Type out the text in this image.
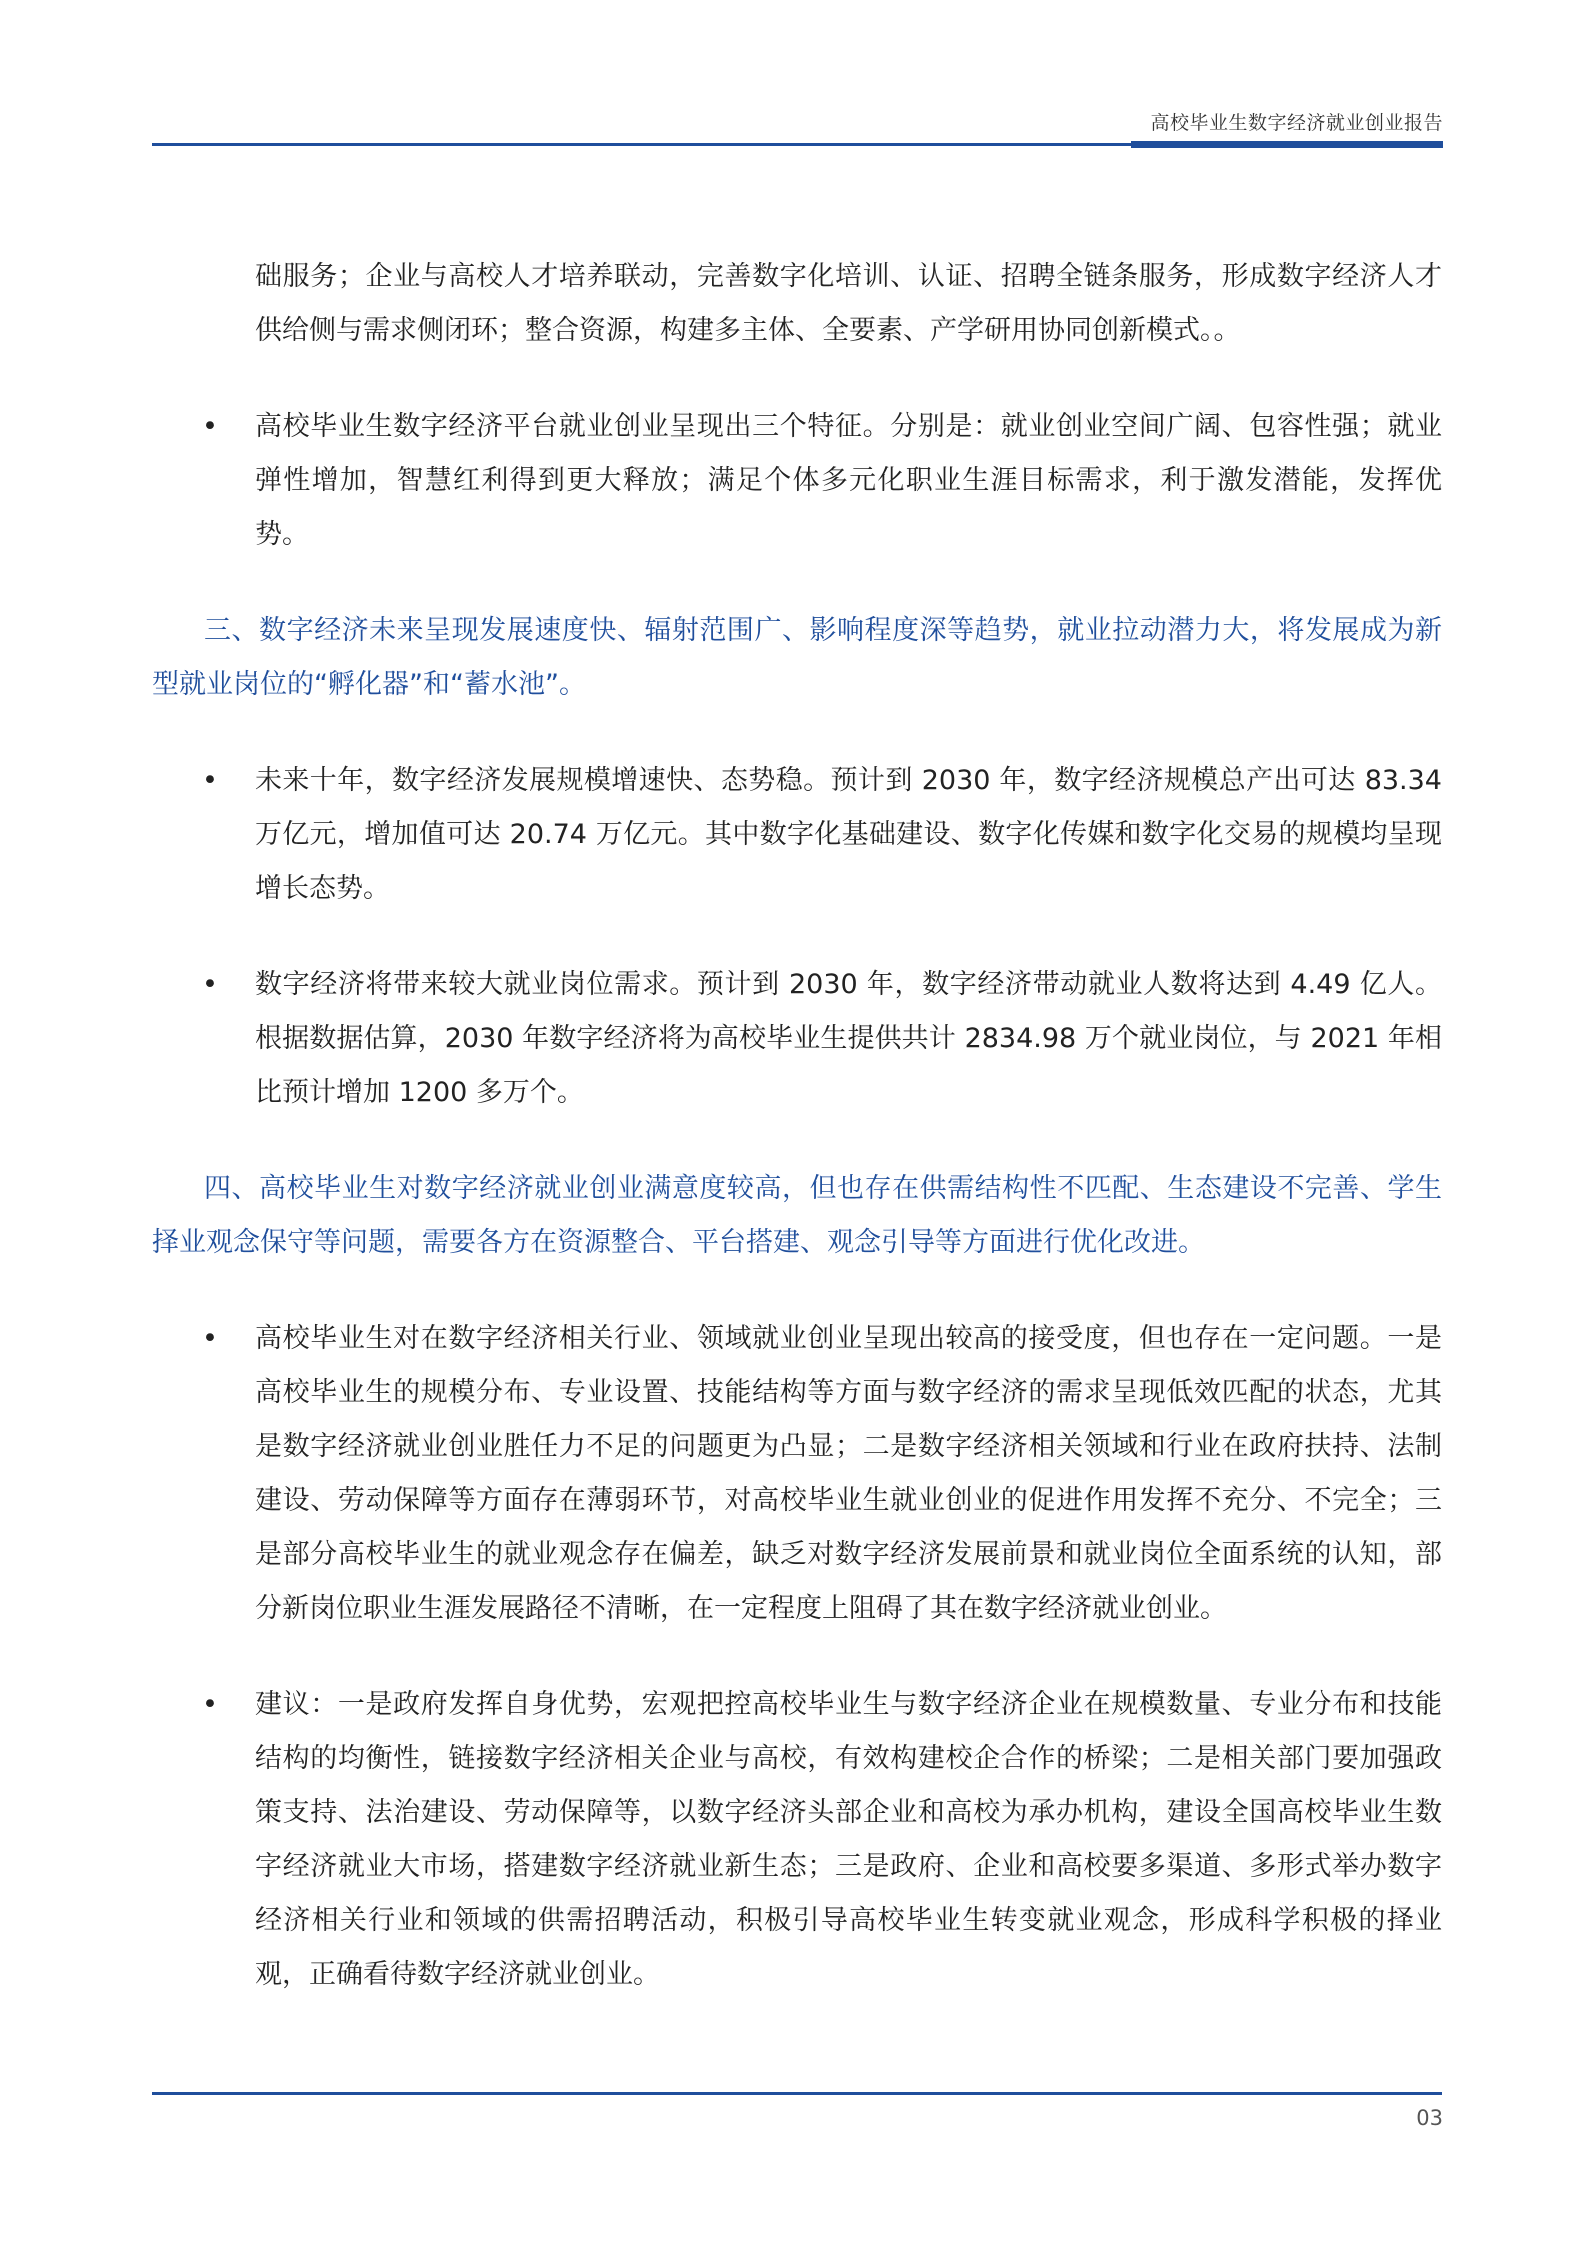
高校毕业生数字经济就业创业报告
础服务；企业与高校人才培养联动，完善数字化培训、认证、招聘全链条服务，形成数字经济人才供给侧与需求侧闭环；整合资源，构建多主体、全要素、产学研用协同创新模式。。
• 高校毕业生数字经济平台就业创业呈现出三个特征。分别是：就业创业空间广阔、包容性强；就业弹性增加，智慧红利得到更大释放；满足个体多元化职业生涯目标需求，利于激发潜能，发挥优势。
三、数字经济未来呈现发展速度快、辐射范围广、影响程度深等趋势，就业拉动潜力大，将发展成为新型就业岗位的“孵化器”和“蓄水池”。
• 未来十年，数字经济发展规模增速快、态势稳。预计到 2030 年，数字经济规模总产出可达 83.34 万亿元，增加值可达 20.74 万亿元。其中数字化基础建设、数字化传媒和数字化交易的规模均呈现增长态势。
• 数字经济将带来较大就业岗位需求。预计到 2030 年，数字经济带动就业人数将达到 4.49 亿人。根据数据估算，2030 年数字经济将为高校毕业生提供共计 2834.98 万个就业岗位，与 2021 年相比预计增加 1200 多万个。
四、高校毕业生对数字经济就业创业满意度较高，但也存在供需结构性不匹配、生态建设不完善、学生择业观念保守等问题，需要各方在资源整合、平台搭建、观念引导等方面进行优化改进。
• 高校毕业生对在数字经济相关行业、领域就业创业呈现出较高的接受度，但也存在一定问题。一是高校毕业生的规模分布、专业设置、技能结构等方面与数字经济的需求呈现低效匹配的状态，尤其是数字经济就业创业胜任力不足的问题更为凸显；二是数字经济相关领域和行业在政府扶持、法制建设、劳动保障等方面存在薄弱环节，对高校毕业生就业创业的促进作用发挥不充分、不完全；三是部分高校毕业生的就业观念存在偏差，缺乏对数字经济发展前景和就业岗位全面系统的认知，部分新岗位职业生涯发展路径不清晰，在一定程度上阻碍了其在数字经济就业创业。
• 建议：一是政府发挥自身优势，宏观把控高校毕业生与数字经济企业在规模数量、专业分布和技能结构的均衡性，链接数字经济相关企业与高校，有效构建校企合作的桥梁；二是相关部门要加强政策支持、法治建设、劳动保障等，以数字经济头部企业和高校为承办机构，建设全国高校毕业生数字经济就业大市场，搭建数字经济就业新生态；三是政府、企业和高校要多渠道、多形式举办数字经济相关行业和领域的供需招聘活动，积极引导高校毕业生转变就业观念，形成科学积极的择业观，正确看待数字经济就业创业。
03
